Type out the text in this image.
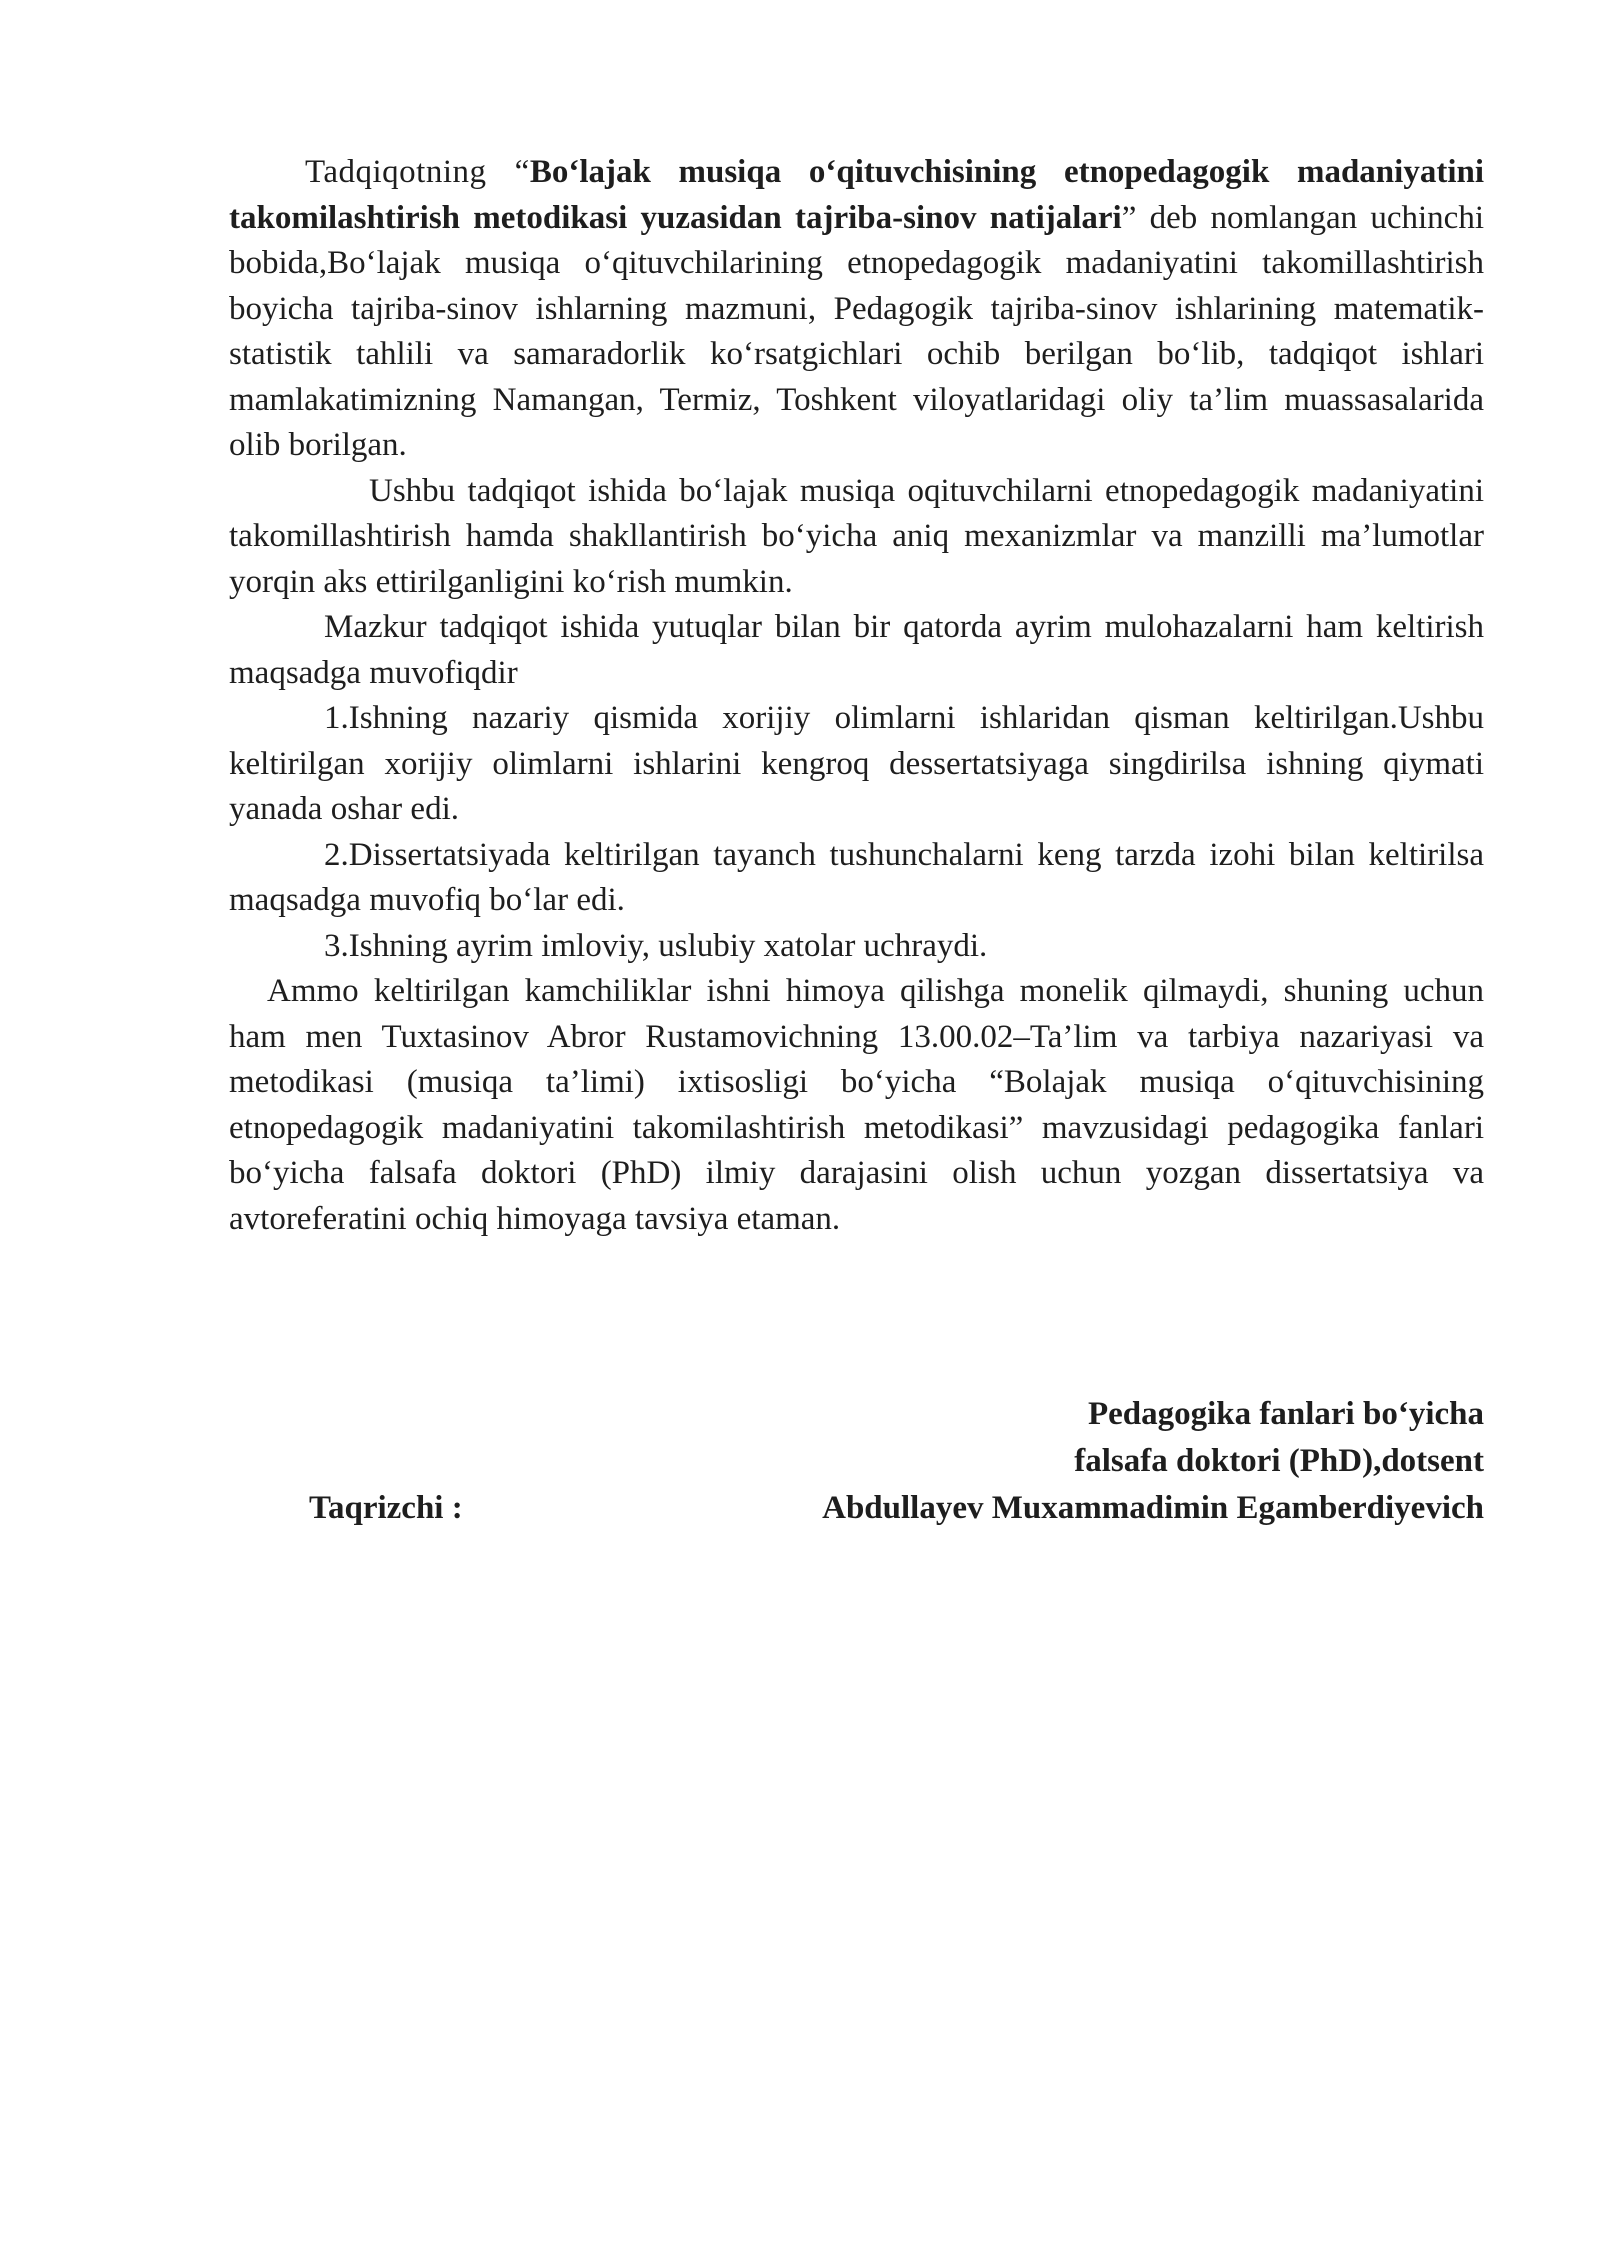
Tadqiqotning “Bo‘lajak musiqa o‘qituvchisining etnopedagogik madaniyatini takomilashtirish metodikasi yuzasidan tajriba-sinov natijalari” deb nomlangan uchinchi bobida,Bo‘lajak musiqa o‘qituvchilarining etnopedagogik madaniyatini takomillashtirish boyicha tajriba-sinov ishlarning mazmuni, Pedagogik tajriba-sinov ishlarining matematik-statistik tahlili va samaradorlik ko‘rsatgichlari ochib berilgan bo‘lib, tadqiqot ishlari mamlakatimizning Namangan, Termiz, Toshkent viloyatlaridagi oliy ta’lim muassasalarida olib borilgan.

Ushbu tadqiqot ishida bo‘lajak musiqa oqituvchilarni etnopedagogik madaniyatini takomillashtirish hamda shakllantirish bo‘yicha aniq mexanizmlar va manzilli ma’lumotlar yorqin aks ettirilganligini ko‘rish mumkin.

Mazkur tadqiqot ishida yutuqlar bilan bir qatorda ayrim mulohazalarni ham keltirish maqsadga muvofiqdir

1.Ishning nazariy qismida xorijiy olimlarni ishlaridan qisman keltirilgan.Ushbu keltirilgan xorijiy olimlarni ishlarini kengroq dessertatsiyaga singdirilsa ishning qiymati yanada oshar edi.

2.Dissertatsiyada keltirilgan tayanch tushunchalarni keng tarzda izohi bilan keltirilsa maqsadga muvofiq bo‘lar edi.

3.Ishning ayrim imloviy, uslubiy xatolar uchraydi.

Ammo keltirilgan kamchiliklar ishni himoya qilishga monelik qilmaydi, shuning uchun ham men Tuxtasinov Abror Rustamovichning 13.00.02–Ta’lim va tarbiya nazariyasi va metodikasi (musiqa ta’limi) ixtisosligi bo‘yicha “Bolajak musiqa o‘qituvchisining etnopedagogik madaniyatini takomilashtirish metodikasi” mavzusidagi pedagogika fanlari bo‘yicha falsafa doktori (PhD) ilmiy darajasini olish uchun yozgan dissertatsiya va avtoreferatini ochiq himoyaga tavsiya etaman.

Pedagogika fanlari bo‘yicha

falsafa doktori (PhD),dotsent

Taqrizchi :	Abdullayev Muxammadimin Egamberdiyevich
